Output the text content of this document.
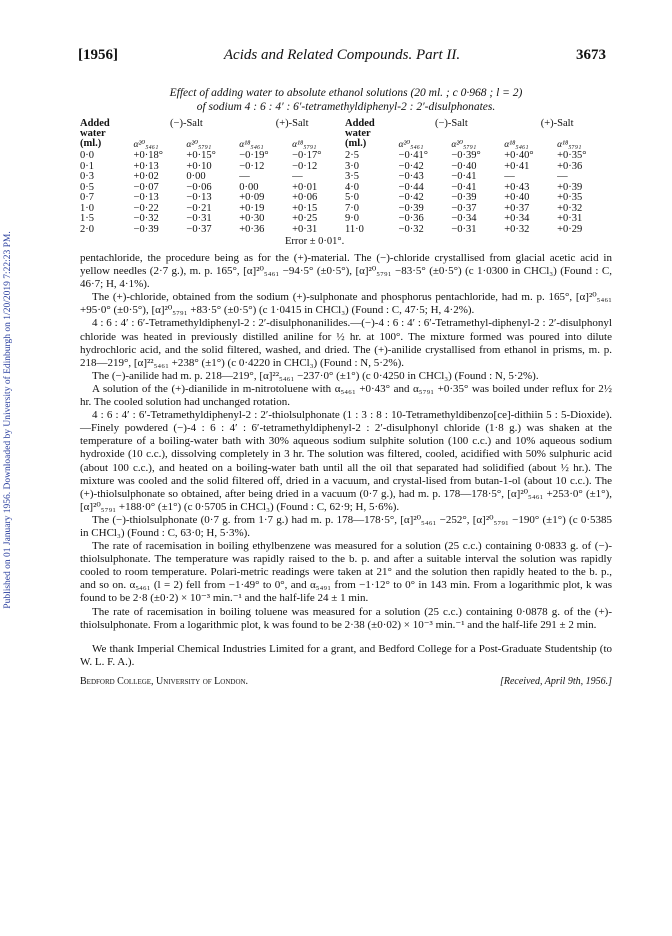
Published on 01 January 1956. Downloaded by University of Edinburgh on 1/20/2019 7:22:23 PM.
[1956]	Acids and Related Compounds. Part II.	3673
Effect of adding water to absolute ethanol solutions (20 ml. ; c 0·968 ; l = 2)
of sodium 4 : 6 : 4′ : 6′-tetramethyldiphenyl-2 : 2′-disulphonates.
Added	(−)-Salt		(+)-Salt		Added	(−)-Salt		(+)-Salt	
water					water				
(ml.)	α²⁰₅₄₆₁	α²⁰₅₇₉₁	α¹⁸₅₄₆₁	α¹⁸₅₇₉₁	(ml.)	α²⁰₅₄₆₁	α²⁰₅₇₉₁	α¹⁸₅₄₆₁	α¹⁸₅₇₉₁
0·0	+0·18°	+0·15°	−0·19°	−0·17°	2·5	−0·41°	−0·39°	+0·40°	+0·35°
0·1	+0·13	+0·10	−0·12	−0·12	3·0	−0·42	−0·40	+0·41	+0·36
0·3	+0·02	0·00	—	—	3·5	−0·43	−0·41	—	—
0·5	−0·07	−0·06	0·00	+0·01	4·0	−0·44	−0·41	+0·43	+0·39
0·7	−0·13	−0·13	+0·09	+0·06	5·0	−0·42	−0·39	+0·40	+0·35
1·0	−0·22	−0·21	+0·19	+0·15	7·0	−0·39	−0·37	+0·37	+0·32
1·5	−0·32	−0·31	+0·30	+0·25	9·0	−0·36	−0·34	+0·34	+0·31
2·0	−0·39	−0·37	+0·36	+0·31	11·0	−0·32	−0·31	+0·32	+0·29
Error ± 0·01°.

pentachloride, the procedure being as for the (+)-material. The (−)-chloride crystallised from glacial acetic acid in yellow needles (2·7 g.), m. p. 165°, [α]²⁰₅₄₆₁ −94·5° (±0·5°), [α]²⁰₅₇₉₁ −83·5° (±0·5°) (c 1·0300 in CHCl₃) (Found : C, 46·7; H, 4·1%).

The (+)-chloride, obtained from the sodium (+)-sulphonate and phosphorus pentachloride, had m. p. 165°, [α]²⁰₅₄₆₁ +95·0° (±0·5°), [α]²⁰₅₇₉₁ +83·5° (±0·5°) (c 1·0415 in CHCl₃) (Found : C, 47·5; H, 4·2%).

4 : 6 : 4′ : 6′-Tetramethyldiphenyl-2 : 2′-disulphonanilides.—(−)-4 : 6 : 4′ : 6′-Tetramethyl-diphenyl-2 : 2′-disulphonyl chloride was heated in previously distilled aniline for ½ hr. at 100°. The mixture formed was poured into dilute hydrochloric acid, and the solid filtered, washed, and dried. The (+)-anilide crystallised from ethanol in prisms, m. p. 218—219°, [α]²²₅₄₆₁ +238° (±1°) (c 0·4220 in CHCl₃) (Found : N, 5·2%).

The (−)-anilide had m. p. 218—219°, [α]²²₅₄₆₁ −237·0° (±1°) (c 0·4250 in CHCl₃) (Found : N, 5·2%).

A solution of the (+)-dianilide in m-nitrotoluene with α₅₄₆₁ +0·43° and α₅₇₉₁ +0·35° was boiled under reflux for 2½ hr. The cooled solution had unchanged rotation.

4 : 6 : 4′ : 6′-Tetramethyldiphenyl-2 : 2′-thiolsulphonate (1 : 3 : 8 : 10-Tetramethyldibenzo[ce]-dithiin 5 : 5-Dioxide).—Finely powdered (−)-4 : 6 : 4′ : 6′-tetramethyldiphenyl-2 : 2′-disulphonyl chloride (1·8 g.) was shaken at the temperature of a boiling-water bath with 30% aqueous sodium sulphite solution (100 c.c.) and 10% aqueous sodium hydroxide (10 c.c.), dissolving completely in 3 hr. The solution was filtered, cooled, acidified with 50% sulphuric acid (about 100 c.c.), and heated on a boiling-water bath until all the oil that separated had solidified (about ½ hr.). The mixture was cooled and the solid filtered off, dried in a vacuum, and crystal-lised from butan-1-ol (about 10 c.c.). The (+)-thiolsulphonate so obtained, after being dried in a vacuum (0·7 g.), had m. p. 178—178·5°, [α]²⁰₅₄₆₁ +253·0° (±1°), [α]²⁰₅₇₉₁ +188·0° (±1°) (c 0·5705 in CHCl₃) (Found : C, 62·9; H, 5·6%).

The (−)-thiolsulphonate (0·7 g. from 1·7 g.) had m. p. 178—178·5°, [α]²⁰₅₄₆₁ −252°, [α]²⁰₅₇₉₁ −190° (±1°) (c 0·5385 in CHCl₃) (Found : C, 63·0; H, 5·3%).

The rate of racemisation in boiling ethylbenzene was measured for a solution (25 c.c.) containing 0·0833 g. of (−)-thiolsulphonate. The temperature was rapidly raised to the b. p. and after a suitable interval the solution was rapidly cooled to room temperature. Polari-metric readings were taken at 21° and the solution then rapidly heated to the b. p., and so on. α₅₄₆₁ (l = 2) fell from −1·49° to 0°, and α₅₄₉₁ from −1·12° to 0° in 143 min. From a logarithmic plot, k was found to be 2·8 (±0·2) × 10⁻³ min.⁻¹ and the half-life 24 ± 1 min.

The rate of racemisation in boiling toluene was measured for a solution (25 c.c.) containing 0·0878 g. of the (+)-thiolsulphonate. From a logarithmic plot, k was found to be 2·38 (±0·02) × 10⁻³ min.⁻¹ and the half-life 291 ± 2 min.

We thank Imperial Chemical Industries Limited for a grant, and Bedford College for a Post-Graduate Studentship (to W. L. F. A.).

Bedford College, University of London.	[Received, April 9th, 1956.]
